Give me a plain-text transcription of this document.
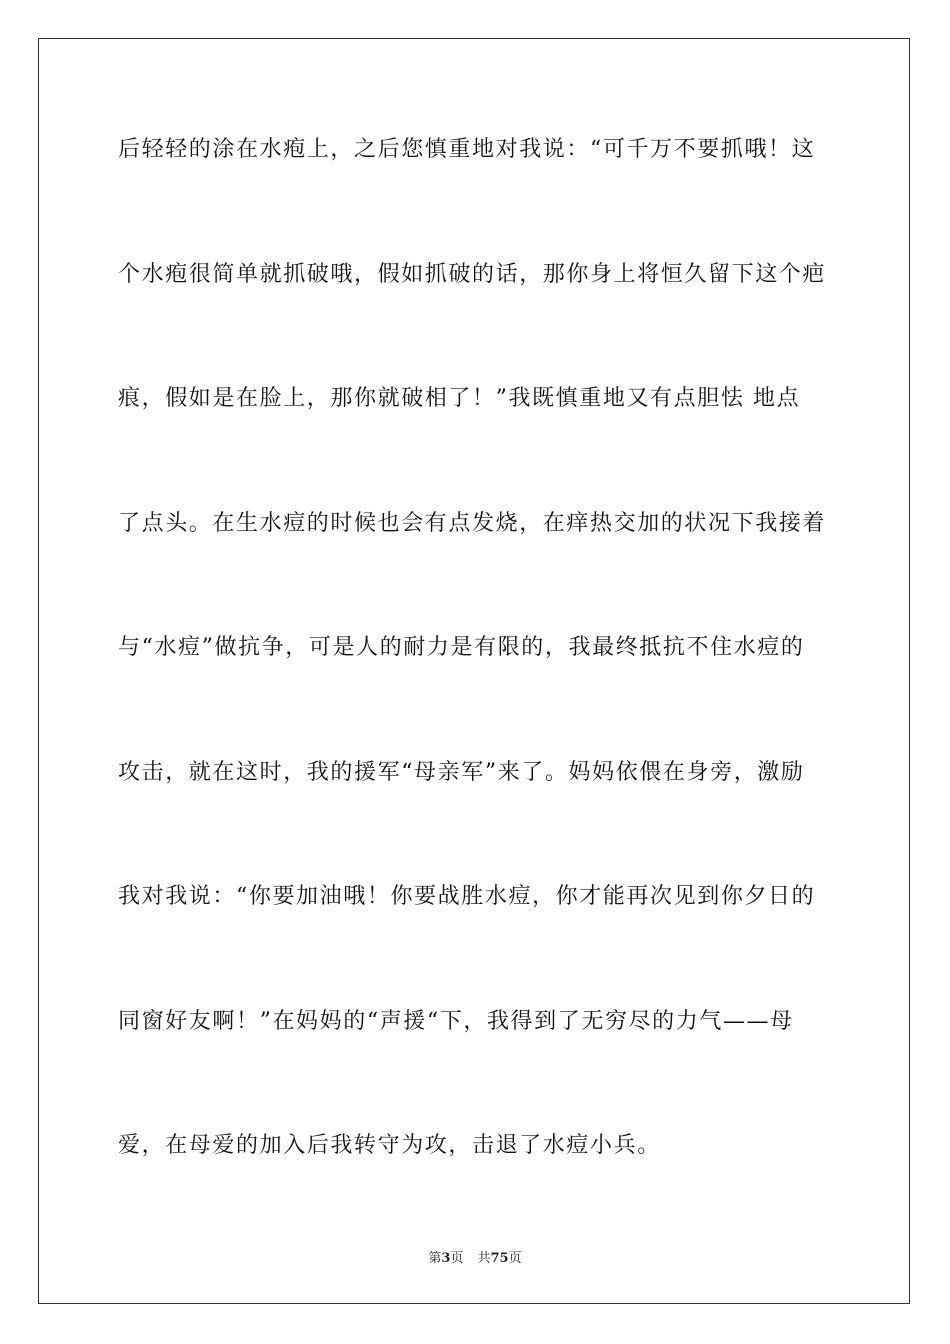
后轻轻的涂在水疱上，之后您慎重地对我说：“可千万不要抓哦！这
个水疱很简单就抓破哦，假如抓破的话，那你身上将恒久留下这个疤
痕，假如是在脸上，那你就破相了！”我既慎重地又有点胆怯 地点
了点头。在生水痘的时候也会有点发烧，在痒热交加的状况下我接着
与“水痘”做抗争，可是人的耐力是有限的，我最终抵抗不住水痘的
攻击，就在这时，我的援军“母亲军”来了。妈妈依偎在身旁，激励
我对我说：“你要加油哦！你要战胜水痘，你才能再次见到你夕日的
同窗好友啊！”在妈妈的“声援“下，我得到了无穷尽的力气——母
爱，在母爱的加入后我转守为攻，击退了水痘小兵。
第3页 共75页
